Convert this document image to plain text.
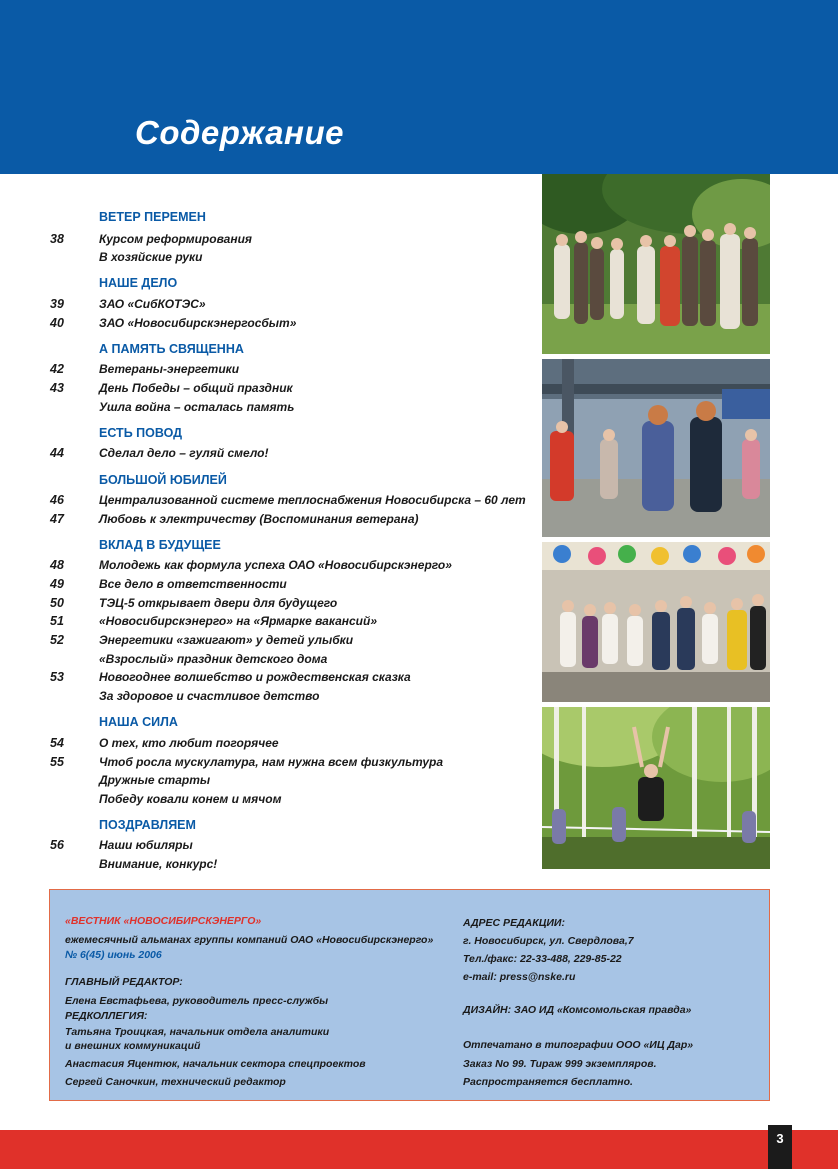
Содержание
ВЕТЕР ПЕРЕМЕН
38	Курсом реформирования
В хозяйские руки
НАШЕ ДЕЛО
39	ЗАО «СибКОТЭС»
40	ЗАО «Новосибирскэнергосбыт»
А ПАМЯТЬ СВЯЩЕННА
42	Ветераны-энергетики
43	День Победы – общий праздник
Ушла война – осталась память
ЕСТЬ ПОВОД
44	Сделал дело – гуляй смело!
БОЛЬШОЙ ЮБИЛЕЙ
46	Централизованной системе теплоснабжения Новосибирска – 60 лет
47	Любовь к электричеству (Воспоминания ветерана)
ВКЛАД В БУДУЩЕЕ
48	Молодежь как формула успеха ОАО «Новосибирскэнерго»
49	Все дело в ответственности
50	ТЭЦ-5 открывает двери для будущего
51	«Новосибирскэнерго» на «Ярмарке вакансий»
52	Энергетики «зажигают» у детей улыбки
«Взрослый» праздник детского дома
53	Новогоднее волшебство и рождественская сказка
За здоровое и счастливое детство
НАША СИЛА
54	О тех, кто любит погорячее
55	Чтоб росла мускулатура, нам нужна всем физкультура
Дружные старты
Победу ковали конем и мячом
ПОЗДРАВЛЯЕМ
56	Наши юбиляры
Внимание, конкурс!
«ВЕСТНИК «НОВОСИБИРСКЭНЕРГО»
ежемесячный альманах группы компаний ОАО «Новосибирскэнерго»
№ 6(45) июнь 2006
ГЛАВНЫЙ РЕДАКТОР:
Елена Евстафьева, руководитель пресс-службы
РЕДКОЛЛЕГИЯ:
Татьяна Троицкая, начальник отдела аналитики
и внешних коммуникаций
Анастасия Яцентюк, начальник сектора спецпроектов
Сергей Саночкин, технический редактор
АДРЕС РЕДАКЦИИ:
г. Новосибирск, ул. Свердлова,7
Тел./факс: 22-33-488, 229-85-22
e-mail: press@nske.ru
ДИЗАЙН: ЗАО ИД «Комсомольская правда»
Отпечатано в типографии ООО «ИЦ Дар»
Заказ No 99. Тираж 999 экземпляров.
Распространяется бесплатно.
3
